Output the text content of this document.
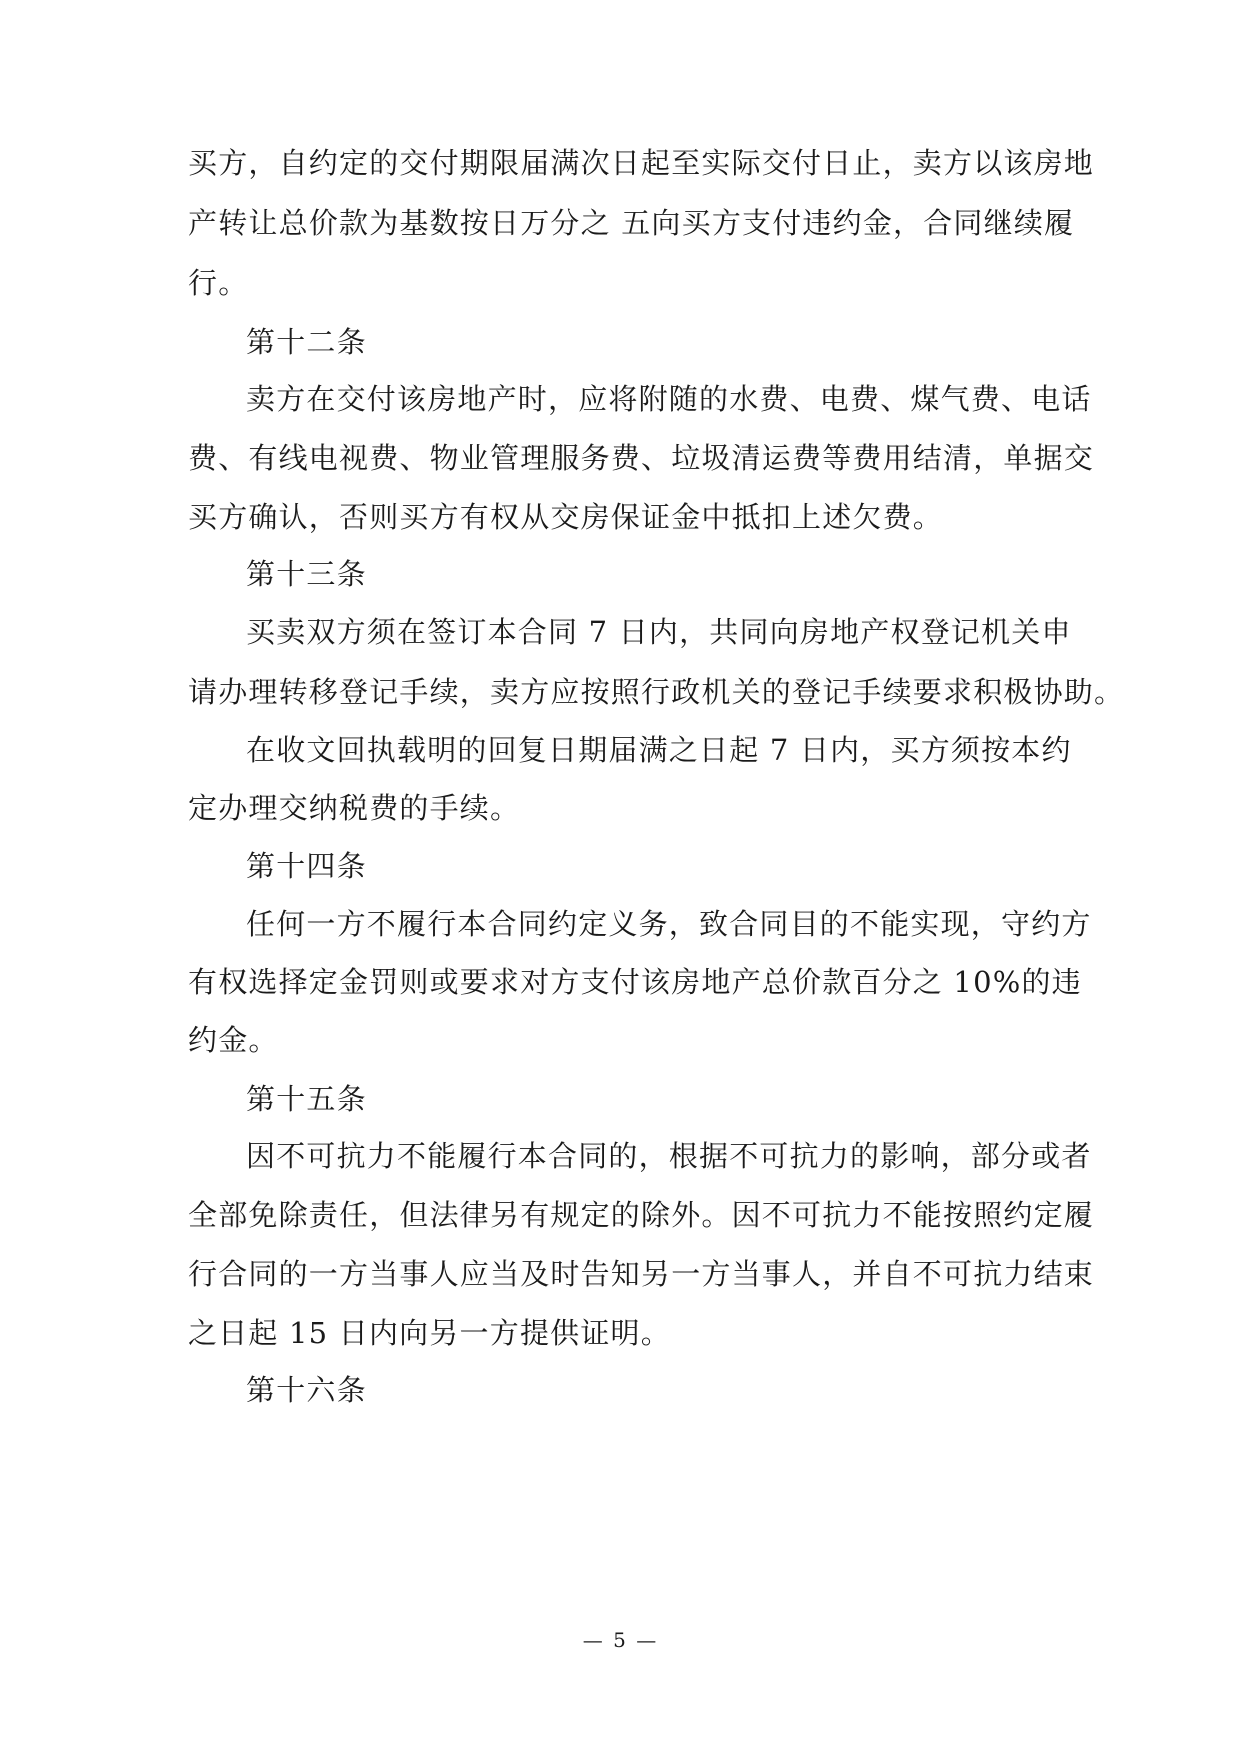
买方，自约定的交付期限届满次日起至实际交付日止，卖方以该房地
产转让总价款为基数按日万分之 五向买方支付违约金，合同继续履
行。
第十二条
卖方在交付该房地产时，应将附随的水费、电费、煤气费、电话
费、有线电视费、物业管理服务费、垃圾清运费等费用结清，单据交
买方确认，否则买方有权从交房保证金中抵扣上述欠费。
第十三条
买卖双方须在签订本合同 7 日内，共同向房地产权登记机关申
请办理转移登记手续，卖方应按照行政机关的登记手续要求积极协助。
在收文回执载明的回复日期届满之日起 7 日内，买方须按本约
定办理交纳税费的手续。
第十四条
任何一方不履行本合同约定义务，致合同目的不能实现，守约方
有权选择定金罚则或要求对方支付该房地产总价款百分之 10%的违
约金。
第十五条
因不可抗力不能履行本合同的，根据不可抗力的影响，部分或者
全部免除责任，但法律另有规定的除外。因不可抗力不能按照约定履
行合同的一方当事人应当及时告知另一方当事人，并自不可抗力结束
之日起 15 日内向另一方提供证明。
第十六条
— 5 —
